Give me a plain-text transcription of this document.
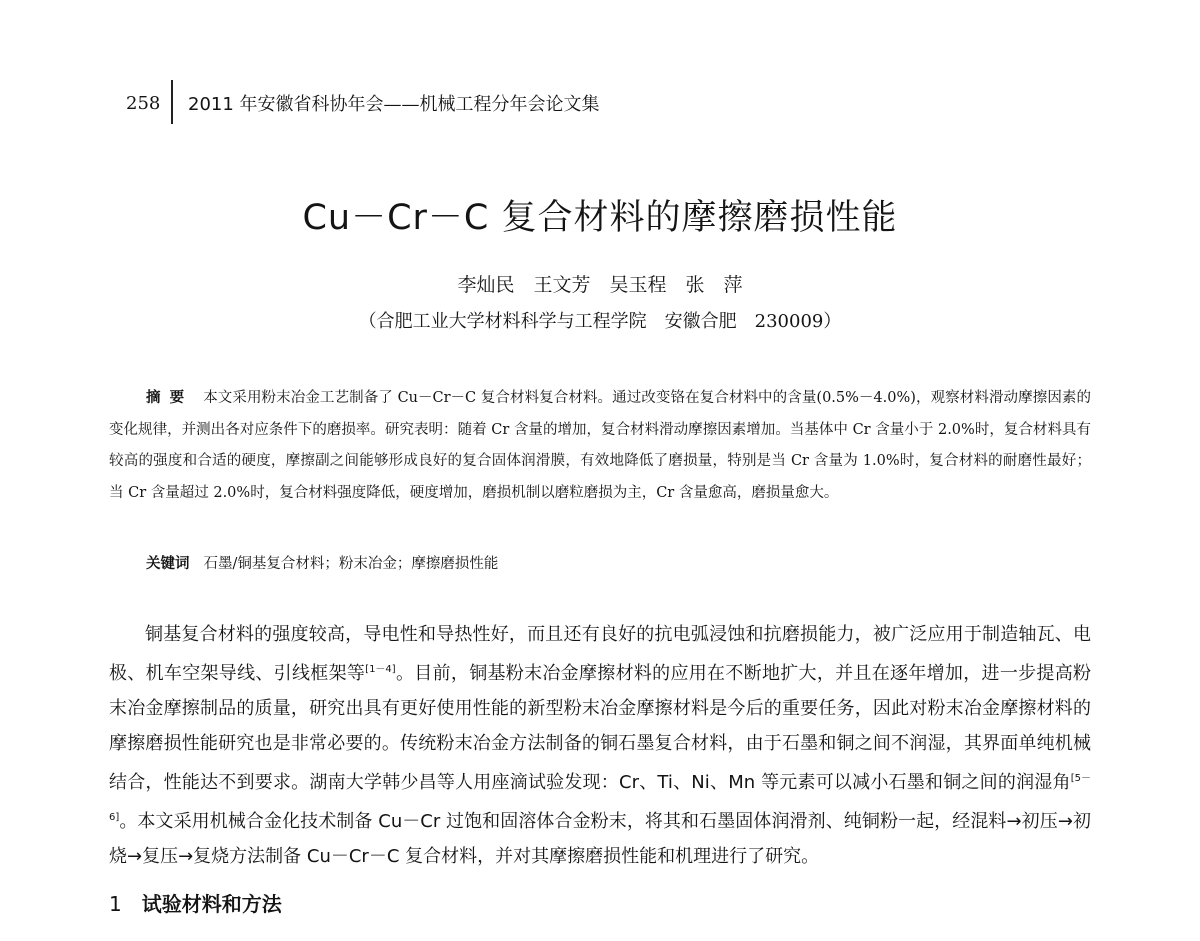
258	2011 年安徽省科协年会——机械工程分年会论文集
Cu－Cr－C 复合材料的摩擦磨损性能
李灿民　王文芳　吴玉程　张　萍
（合肥工业大学材料科学与工程学院　安徽合肥　230009）
摘要 本文采用粉末冶金工艺制备了 Cu－Cr－C 复合材料复合材料。通过改变铬在复合材料中的含量(0.5%－4.0%)，观察材料滑动摩擦因素的变化规律，并测出各对应条件下的磨损率。研究表明：随着 Cr 含量的增加，复合材料滑动摩擦因素增加。当基体中 Cr 含量小于 2.0%时，复合材料具有较高的强度和合适的硬度，摩擦副之间能够形成良好的复合固体润滑膜，有效地降低了磨损量，特别是当 Cr 含量为 1.0%时，复合材料的耐磨性最好；当 Cr 含量超过 2.0%时，复合材料强度降低，硬度增加，磨损机制以磨粒磨损为主，Cr 含量愈高，磨损量愈大。
关键词 石墨/铜基复合材料；粉末冶金；摩擦磨损性能
铜基复合材料的强度较高，导电性和导热性好，而且还有良好的抗电弧浸蚀和抗磨损能力，被广泛应用于制造轴瓦、电极、机车空架导线、引线框架等[1－4]。目前，铜基粉末冶金摩擦材料的应用在不断地扩大，并且在逐年增加，进一步提高粉末冶金摩擦制品的质量，研究出具有更好使用性能的新型粉末冶金摩擦材料是今后的重要任务，因此对粉末冶金摩擦材料的摩擦磨损性能研究也是非常必要的。传统粉末冶金方法制备的铜石墨复合材料，由于石墨和铜之间不润湿，其界面单纯机械结合，性能达不到要求。湖南大学韩少昌等人用座滴试验发现：Cr、Ti、Ni、Mn 等元素可以减小石墨和铜之间的润湿角[5－6]。本文采用机械合金化技术制备 Cu－Cr 过饱和固溶体合金粉末，将其和石墨固体润滑剂、纯铜粉一起，经混料→初压→初烧→复压→复烧方法制备 Cu－Cr－C 复合材料，并对其摩擦磨损性能和机理进行了研究。
1 试验材料和方法
